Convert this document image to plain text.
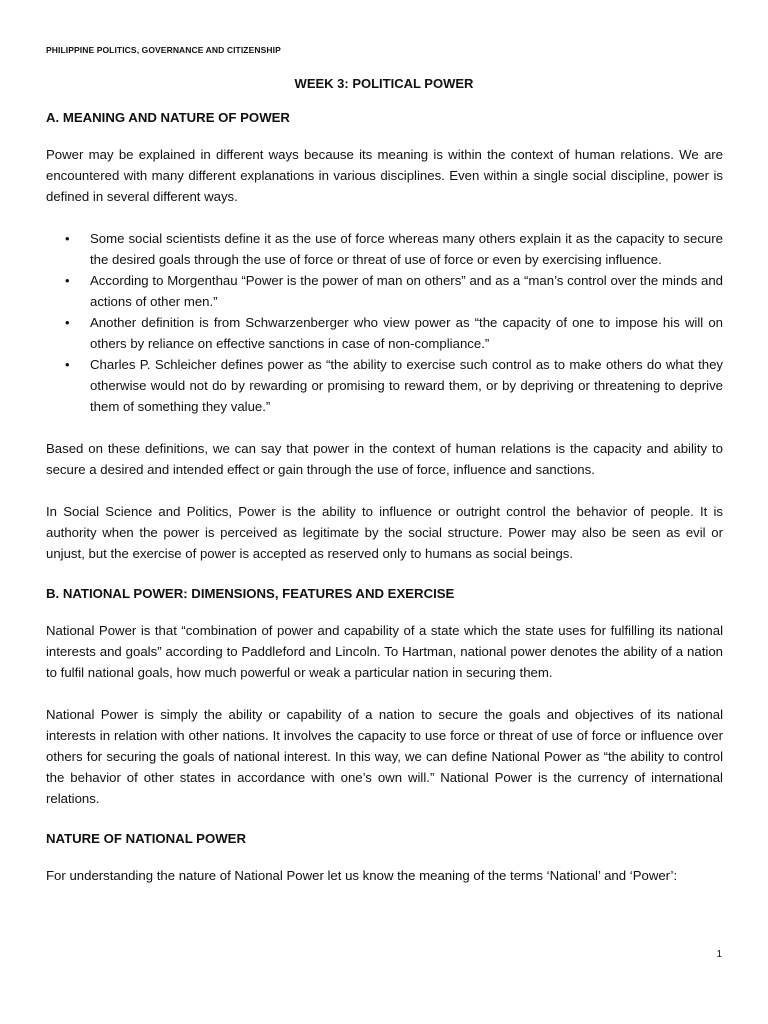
PHILIPPINE POLITICS, GOVERNANCE AND CITIZENSHIP
WEEK 3: POLITICAL POWER
A. MEANING AND NATURE OF POWER

Power may be explained in different ways because its meaning is within the context of human relations. We are encountered with many different explanations in various disciplines. Even within a single social discipline, power is defined in several different ways.

• Some social scientists define it as the use of force whereas many others explain it as the capacity to secure the desired goals through the use of force or threat of use of force or even by exercising influence.
• According to Morgenthau “Power is the power of man on others” and as a “man’s control over the minds and actions of other men.”
• Another definition is from Schwarzenberger who view power as “the capacity of one to impose his will on others by reliance on effective sanctions in case of non-compliance.”
• Charles P. Schleicher defines power as “the ability to exercise such control as to make others do what they otherwise would not do by rewarding or promising to reward them, or by depriving or threatening to deprive them of something they value.”

Based on these definitions, we can say that power in the context of human relations is the capacity and ability to secure a desired and intended effect or gain through the use of force, influence and sanctions.

In Social Science and Politics, Power is the ability to influence or outright control the behavior of people. It is authority when the power is perceived as legitimate by the social structure. Power may also be seen as evil or unjust, but the exercise of power is accepted as reserved only to humans as social beings.

B. NATIONAL POWER: DIMENSIONS, FEATURES AND EXERCISE

National Power is that “combination of power and capability of a state which the state uses for fulfilling its national interests and goals” according to Paddleford and Lincoln. To Hartman, national power denotes the ability of a nation to fulfil national goals, how much powerful or weak a particular nation in securing them.

National Power is simply the ability or capability of a nation to secure the goals and objectives of its national interests in relation with other nations. It involves the capacity to use force or threat of use of force or influence over others for securing the goals of national interest. In this way, we can define National Power as “the ability to control the behavior of other states in accordance with one’s own will.” National Power is the currency of international relations.

NATURE OF NATIONAL POWER

For understanding the nature of National Power let us know the meaning of the terms ‘National’ and ‘Power’:

1
